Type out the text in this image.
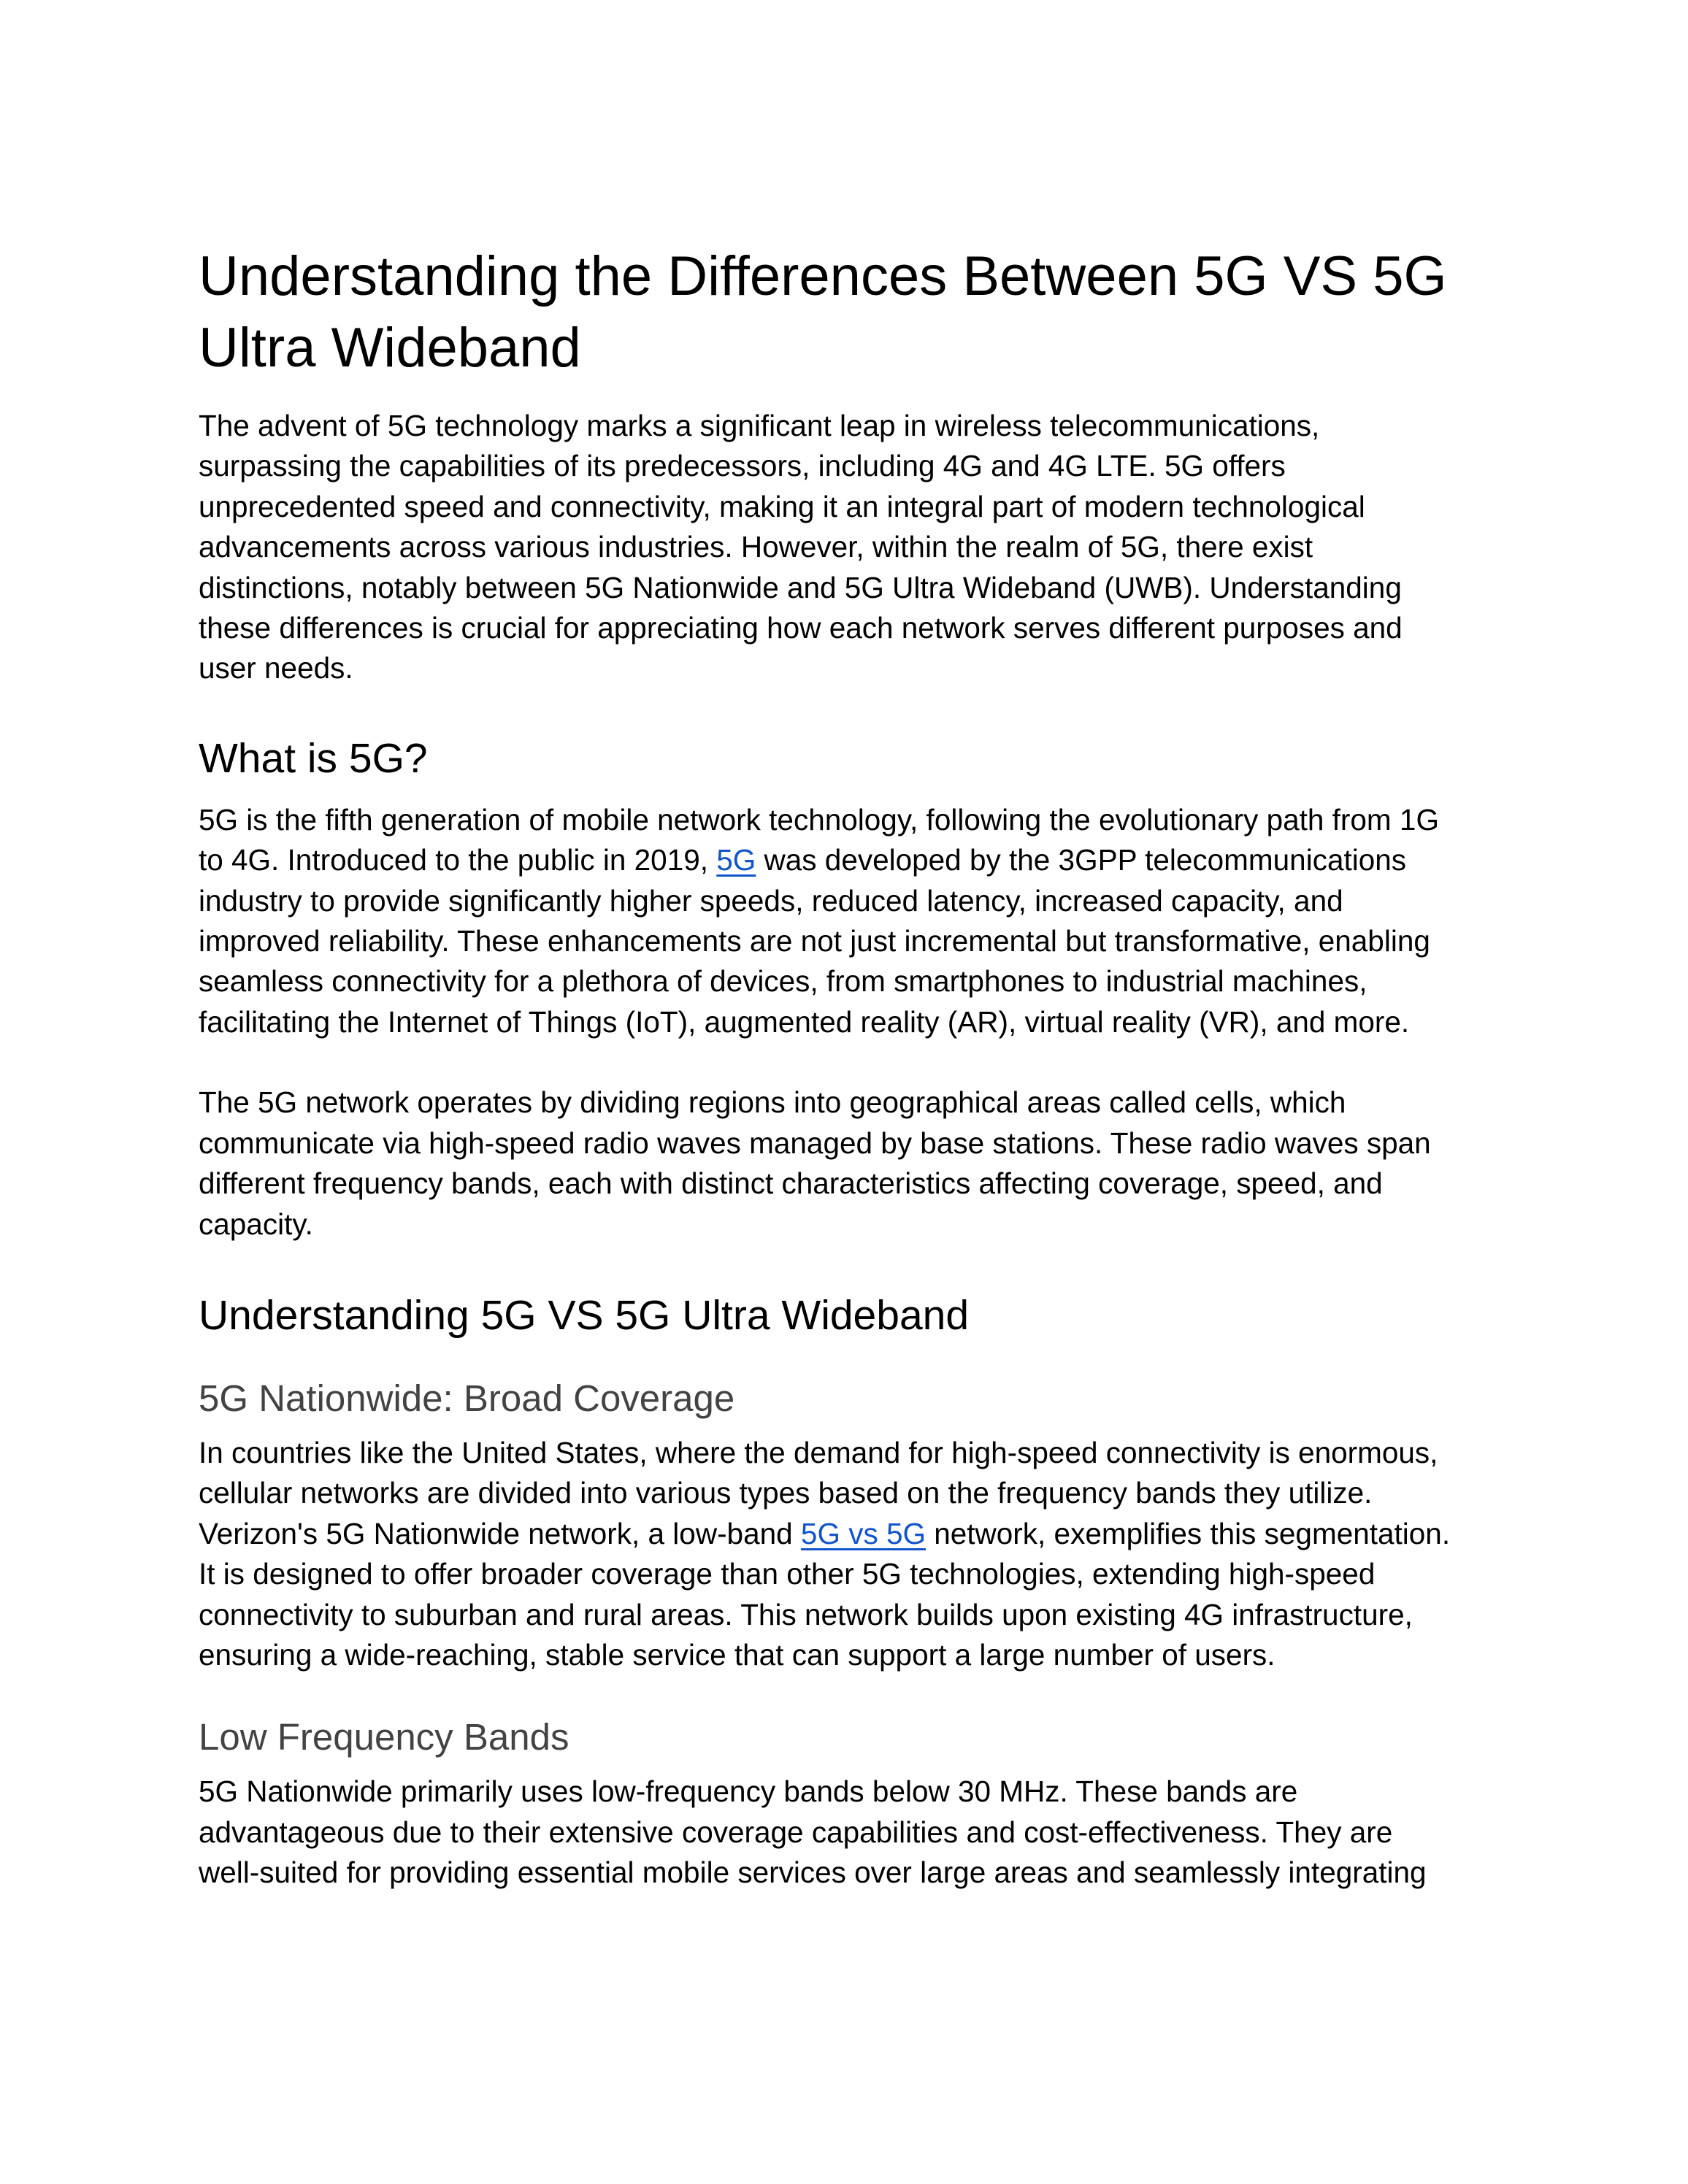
Understanding the Differences Between 5G VS 5G
Ultra Wideband

The advent of 5G technology marks a significant leap in wireless telecommunications,
surpassing the capabilities of its predecessors, including 4G and 4G LTE. 5G offers
unprecedented speed and connectivity, making it an integral part of modern technological
advancements across various industries. However, within the realm of 5G, there exist
distinctions, notably between 5G Nationwide and 5G Ultra Wideband (UWB). Understanding
these differences is crucial for appreciating how each network serves different purposes and
user needs.

What is 5G?

5G is the fifth generation of mobile network technology, following the evolutionary path from 1G
to 4G. Introduced to the public in 2019, 5G was developed by the 3GPP telecommunications
industry to provide significantly higher speeds, reduced latency, increased capacity, and
improved reliability. These enhancements are not just incremental but transformative, enabling
seamless connectivity for a plethora of devices, from smartphones to industrial machines,
facilitating the Internet of Things (IoT), augmented reality (AR), virtual reality (VR), and more.

The 5G network operates by dividing regions into geographical areas called cells, which
communicate via high-speed radio waves managed by base stations. These radio waves span
different frequency bands, each with distinct characteristics affecting coverage, speed, and
capacity.

Understanding 5G VS 5G Ultra Wideband
5G Nationwide: Broad Coverage

In countries like the United States, where the demand for high-speed connectivity is enormous,
cellular networks are divided into various types based on the frequency bands they utilize.
Verizon's 5G Nationwide network, a low-band 5G vs 5G network, exemplifies this segmentation.
It is designed to offer broader coverage than other 5G technologies, extending high-speed
connectivity to suburban and rural areas. This network builds upon existing 4G infrastructure,
ensuring a wide-reaching, stable service that can support a large number of users.

Low Frequency Bands

5G Nationwide primarily uses low-frequency bands below 30 MHz. These bands are
advantageous due to their extensive coverage capabilities and cost-effectiveness. They are
well-suited for providing essential mobile services over large areas and seamlessly integrating
